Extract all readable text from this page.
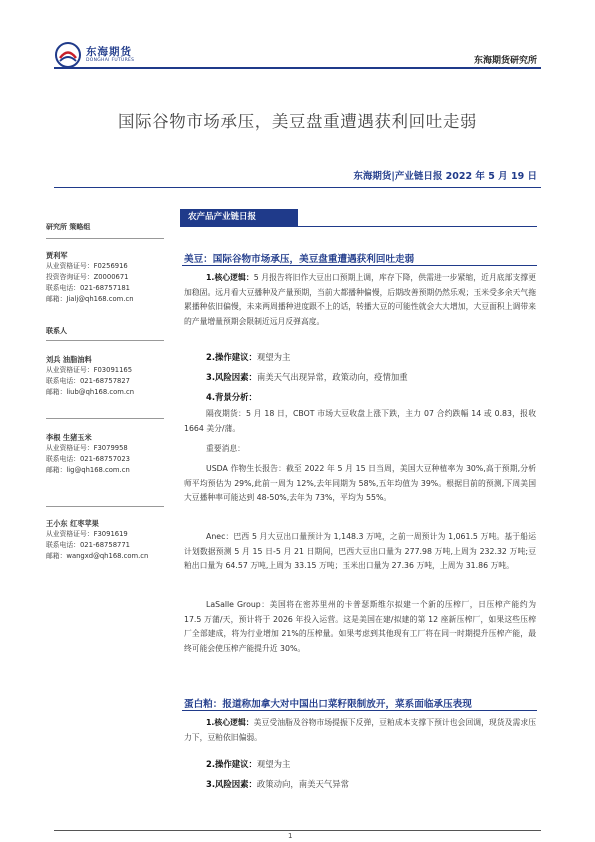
东海期货
DONGHAI FUTURES	东海期货研究所
国际谷物市场承压，美豆盘重遭遇获利回吐走弱
东海期货|产业链日报 2022 年 5 月 19 日
研究所 策略组
贾利军
从业资格证号：F0256916
投资咨询证号：Z0000671
联系电话：021-68757181
邮箱：Jialj@qh168.com.cn
联系人
刘兵 油脂油料
从业资格证号：F03091165
联系电话：021-68757827
邮箱：liub@qh168.com.cn
李根 生猪玉米
从业资格证号：F3079958
联系电话：021-68757023
邮箱：lig@qh168.com.cn
王小东 红枣苹果
从业资格证号：F3091619
联系电话：021-68758771
邮箱：wangxd@qh168.com.cn
农产品产业链日报
美豆：国际谷物市场承压，美豆盘重遭遇获利回吐走弱
1.核心逻辑：5 月报告将旧作大豆出口预期上调，库存下降，供需进一步紧缩，近月底部支撑更加稳固。远月看大豆播种及产量预期，当前大都播种偏慢，后期改善预期仍然乐观；玉米受多余天气拖累播种依旧偏慢，未来两周播种进度跟不上的话，转播大豆的可能性就会大大增加，大豆面积上调带来的产量增量预期会限制近远月反弹高度。
2.操作建议：观望为主
3.风险因素：南美天气出现异常，政策动向，疫情加重
4.背景分析：
隔夜期货：5 月 18 日，CBOT 市场大豆收盘上涨下跌，主力 07 合约跌幅 14 或 0.83，报收 1664 美分/蒲。
重要消息：
USDA 作物生长报告：截至 2022 年 5 月 15 日当周，美国大豆种植率为 30%,高于预期,分析师平均预估为 29%,此前一周为 12%,去年同期为 58%,五年均值为 39%。根据目前的预测,下周美国大豆播种率可能达到 48-50%,去年为 73%，平均为 55%。
Anec：巴西 5 月大豆出口量预计为 1,148.3 万吨，之前一周预计为 1,061.5 万吨。基于船运计划数据预测 5 月 15 日-5 月 21 日期间，巴西大豆出口量为 277.98 万吨,上周为 232.32 万吨;豆粕出口量为 64.57 万吨,上周为 33.15 万吨；玉米出口量为 27.36 万吨，上周为 31.86 万吨。
LaSalle Group：美国将在密苏里州的卡普瑟斯维尔拟建一个新的压榨厂，日压榨产能约为 17.5 万蒲/天，预计将于 2026 年投入运营。这是美国在建/拟建的第 12 座新压榨厂，如果这些压榨厂全部建成，将为行业增加 21%的压榨量。如果考虑到其他现有工厂将在同一时期提升压榨产能，最终可能会使压榨产能提升近 30%。
蛋白粕：报道称加拿大对中国出口菜籽限制放开，菜系面临承压表现
1.核心逻辑：美豆受油脂及谷物市场提振下反弹，豆粕成本支撑下预计也会回调，现货及需求压力下，豆粕依旧偏弱。
2.操作建议：观望为主
3.风险因素：政策动向，南美天气异常
1
